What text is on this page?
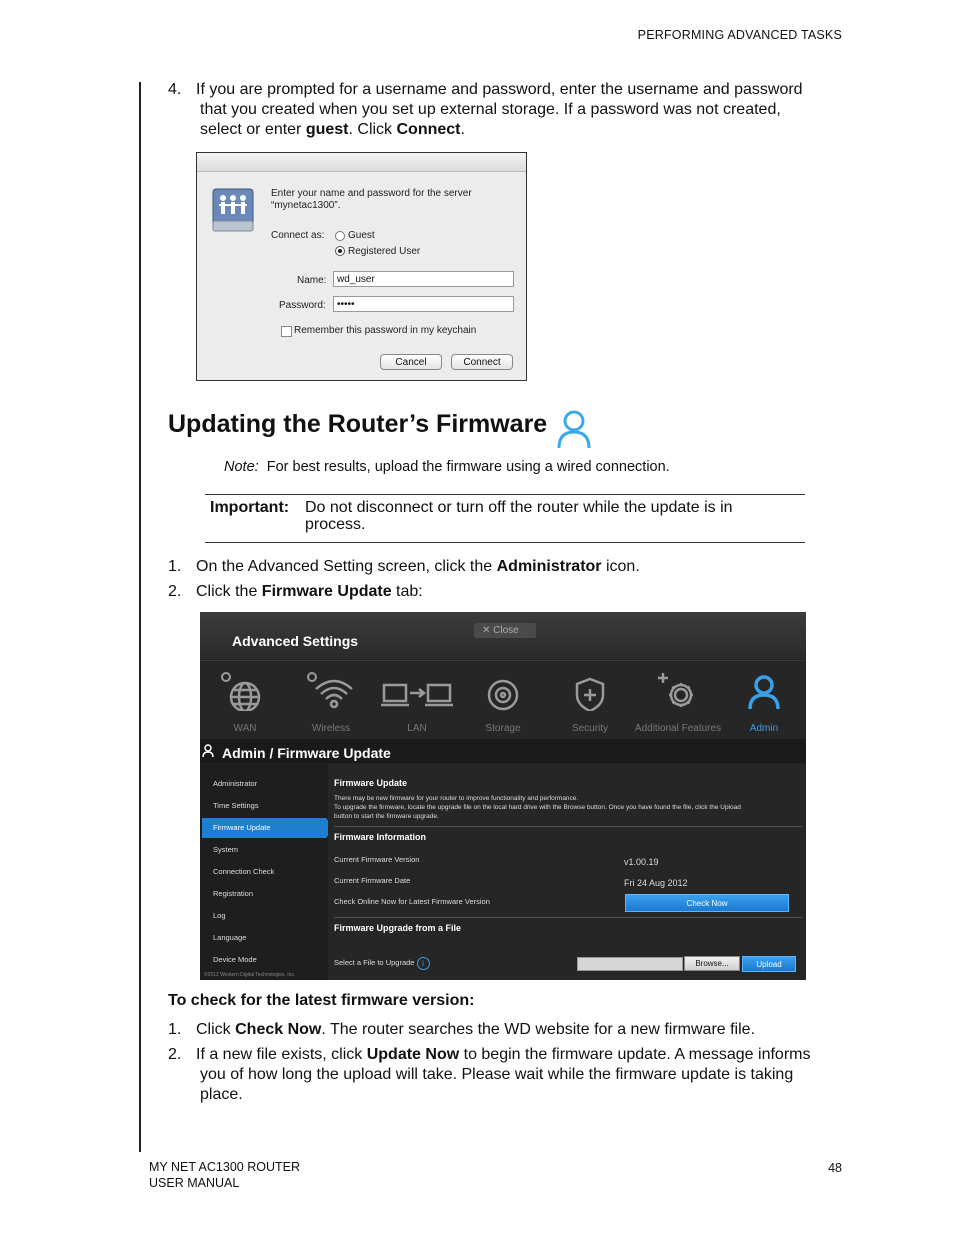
PERFORMING ADVANCED TASKS
4. If you are prompted for a username and password, enter the username and password
that you created when you set up external storage. If a password was not created,
select or enter guest. Click Connect.
Enter your name and password for the server
“mynetac1300”.
Connect as: Guest
Registered User
Name:	wd_user
Password:	•••••
Remember this password in my keychain
Cancel	Connect
Updating the Router’s Firmware
Note: For best results, upload the firmware using a wired connection.
Important: Do not disconnect or turn off the router while the update is in
process.
1. On the Advanced Setting screen, click the Administrator icon.
2. Click the Firmware Update tab:
Advanced Settings
✕ Close
WAN	Wireless	LAN	Storage	Security	Additional Features	Admin
Admin / Firmware Update
Administrator
Time Settings
Firmware Update
System
Connection Check
Registration
Log
Language
Device Mode
Firmware Update
There may be new firmware for your router to improve functionality and performance.
To upgrade the firmware, locate the upgrade file on the local hard drive with the Browse button. Once you have found the file, click the Upload
button to start the firmware upgrade.
Firmware Information
Current Firmware Version	v1.00.19
Current Firmware Date	Fri 24 Aug 2012
Check Online Now for Latest Firmware Version	Check Now
Firmware Upgrade from a File
Select a File to Upgrade i	Browse...	Upload
©2012 Western Digital Technologies, Inc.
To check for the latest firmware version:
1. Click Check Now. The router searches the WD website for a new firmware file.
2. If a new file exists, click Update Now to begin the firmware update. A message informs
you of how long the upload will take. Please wait while the firmware update is taking
place.
MY NET AC1300 ROUTER
USER MANUAL
48
